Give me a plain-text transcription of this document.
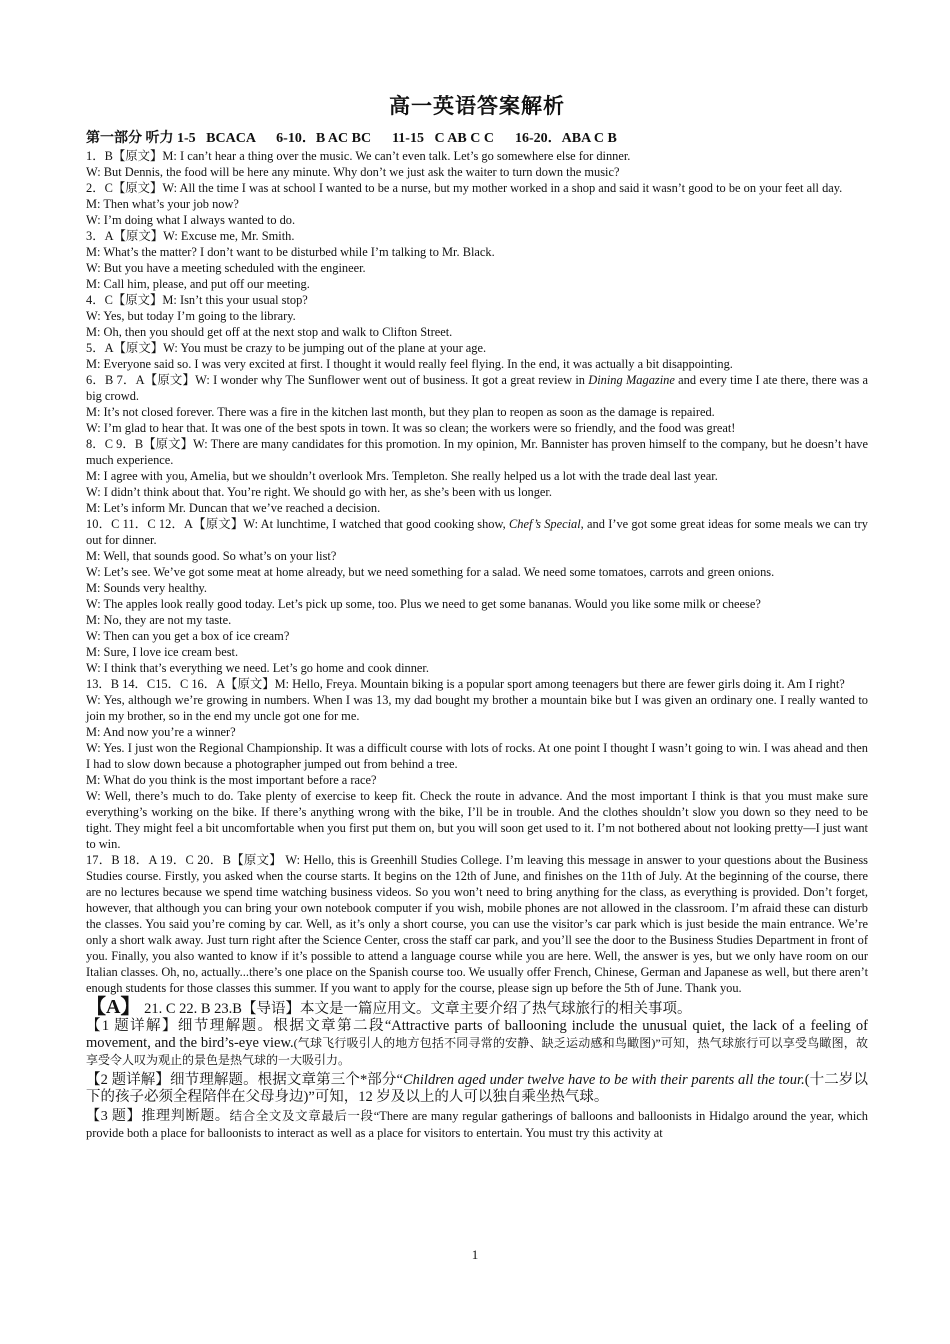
高一英语答案解析
第一部分 听力 1-5   BCACA      6-10．B AC BC      11-15   C AB C C      16-20．ABA C B

1．B【原文】M: I can’t hear a thing over the music. We can’t even talk. Let’s go somewhere else for dinner.

W: But Dennis, the food will be here any minute. Why don’t we just ask the waiter to turn down the music?

2．C【原文】W: All the time I was at school I wanted to be a nurse, but my mother worked in a shop and said it wasn’t good to be on your feet all day.

M: Then what’s your job now?

W: I’m doing what I always wanted to do.

3．A【原文】W: Excuse me, Mr. Smith.

M: What’s the matter? I don’t want to be disturbed while I’m talking to Mr. Black.

W: But you have a meeting scheduled with the engineer.

M: Call him, please, and put off our meeting.

4．C【原文】M: Isn’t this your usual stop?

W: Yes, but today I’m going to the library.

M: Oh, then you should get off at the next stop and walk to Clifton Street.

5．A【原文】W: You must be crazy to be jumping out of the plane at your age.

M: Everyone said so. I was very excited at first. I thought it would really feel flying. In the end, it was actually a bit disappointing.

6．B 7．A【原文】W: I wonder why The Sunflower went out of business. It got a great review in Dining Magazine and every time I ate there, there was a big crowd.

M: It’s not closed forever. There was a fire in the kitchen last month, but they plan to reopen as soon as the damage is repaired.

W: I’m glad to hear that. It was one of the best spots in town. It was so clean; the workers were so friendly, and the food was great!

8．C 9．B【原文】W: There are many candidates for this promotion. In my opinion, Mr. Bannister has proven himself to the company, but he doesn’t have much experience.

M: I agree with you, Amelia, but we shouldn’t overlook Mrs. Templeton. She really helped us a lot with the trade deal last year.

W: I didn’t think about that. You’re right. We should go with her, as she’s been with us longer.

M: Let’s inform Mr. Duncan that we’ve reached a decision.

10．C 11．C 12．A【原文】W: At lunchtime, I watched that good cooking show, Chef’s Special, and I’ve got some great ideas for some meals we can try out for dinner.

M: Well, that sounds good. So what’s on your list?

W: Let’s see. We’ve got some meat at home already, but we need something for a salad. We need some tomatoes, carrots and green onions.

M: Sounds very healthy.

W: The apples look really good today. Let’s pick up some, too. Plus we need to get some bananas. Would you like some milk or cheese?

M: No, they are not my taste.

W: Then can you get a box of ice cream?

M: Sure, I love ice cream best.

W: I think that’s everything we need. Let’s go home and cook dinner.

13．B 14．C15．C 16．A【原文】M: Hello, Freya. Mountain biking is a popular sport among teenagers but there are fewer girls doing it. Am I right?

W: Yes, although we’re growing in numbers. When I was 13, my dad bought my brother a mountain bike but I was given an ordinary one. I really wanted to join my brother, so in the end my uncle got one for me.

M: And now you’re a winner?

W: Yes. I just won the Regional Championship. It was a difficult course with lots of rocks. At one point I thought I wasn’t going to win. I was ahead and then I had to slow down because a photographer jumped out from behind a tree.

M: What do you think is the most important before a race?

W: Well, there’s much to do. Take plenty of exercise to keep fit. Check the route in advance. And the most important I think is that you must make sure everything’s working on the bike. If there’s anything wrong with the bike, I’ll be in trouble. And the clothes shouldn’t slow you down so they need to be tight. They might feel a bit uncomfortable when you first put them on, but you will soon get used to it. I’m not bothered about not looking pretty—I just want to win.

17．B 18．A 19．C 20．B【原文】 W: Hello, this is Greenhill Studies College. I’m leaving this message in answer to your questions about the Business Studies course. Firstly, you asked when the course starts. It begins on the 12th of June, and finishes on the 11th of July. At the beginning of the course, there are no lectures because we spend time watching business videos. So you won’t need to bring anything for the class, as everything is provided. Don’t forget, however, that although you can bring your own notebook computer if you wish, mobile phones are not allowed in the classroom. I’m afraid these can disturb the classes. You said you’re coming by car. Well, as it’s only a short course, you can use the visitor’s car park which is just beside the main entrance. We’re only a short walk away. Just turn right after the Science Center, cross the staff car park, and you’ll see the door to the Business Studies Department in front of you. Finally, you also wanted to know if it’s possible to attend a language course while you are here. Well, the answer is yes, but we only have room on our Italian classes. Oh, no, actually...there’s one place on the Spanish course too. We usually offer French, Chinese, German and Japanese as well, but there aren’t enough students for those classes this summer. If you want to apply for the course, please sign up before the 5th of June. Thank you.

【A】 21. C 22. B 23.B【导语】本文是一篇应用文。文章主要介绍了热气球旅行的相关事项。

【1 题详解】细节理解题。根据文章第二段“Attractive parts of ballooning include the unusual quiet, the lack of a feeling of movement, and the bird’s-eye view.(气球飞行吸引人的地方包括不同寻常的安静、缺乏运动感和鸟瞰图)”可知，热气球旅行可以享受鸟瞰图，故享受令人叹为观止的景色是热气球的一大吸引力。

【2 题详解】细节理解题。根据文章第三个*部分“Children aged under twelve have to be with their parents all the tour.(十二岁以下的孩子必须全程陪伴在父母身边)”可知，12 岁及以上的人可以独自乘坐热气球。

【3 题】推理判断题。结合全文及文章最后一段“There are many regular gatherings of balloons and balloonists in Hidalgo around the year, which provide both a place for balloonists to interact as well as a place for visitors to entertain. You must try this activity at

1
